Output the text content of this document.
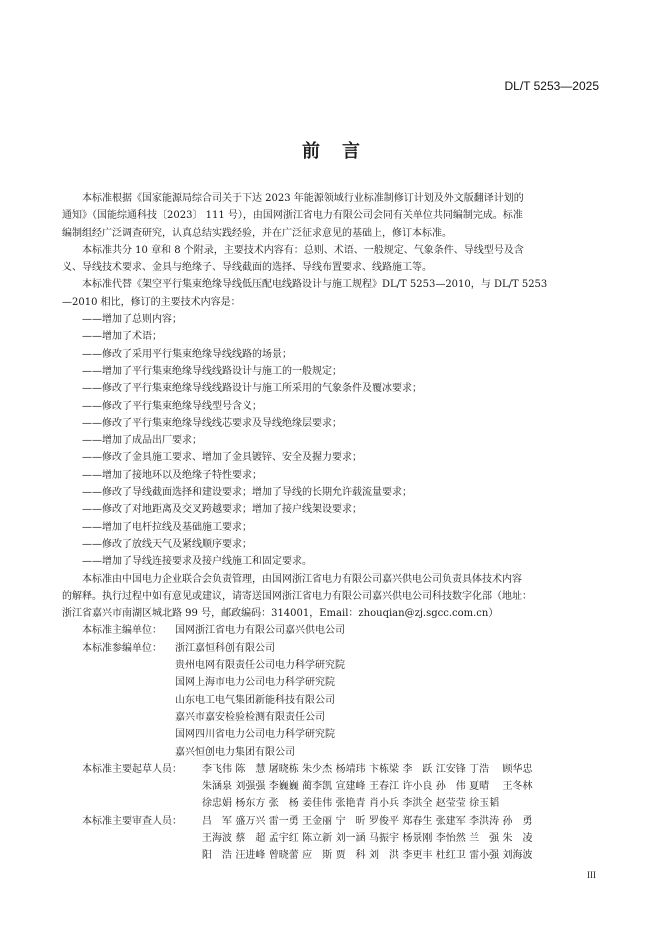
DL/T 5253—2025
前言

本标准根据《国家能源局综合司关于下达 2023 年能源领域行业标准制修订计划及外文版翻译计划的
通知》（国能综通科技〔2023〕 111 号），由国网浙江省电力有限公司会同有关单位共同编制完成。标准
编制组经广泛调查研究，认真总结实践经验，并在广泛征求意见的基础上，修订本标准。

本标准共分 10 章和 8 个附录，主要技术内容有：总则、术语、一般规定、气象条件、导线型号及含
义、导线技术要求、金具与绝缘子、导线截面的选择、导线布置要求、线路施工等。

本标准代替《架空平行集束绝缘导线低压配电线路设计与施工规程》DL/T 5253—2010，与 DL/T 5253
—2010 相比，修订的主要技术内容是：

——增加了总则内容；
——增加了术语；
——修改了采用平行集束绝缘导线线路的场景；
——增加了平行集束绝缘导线线路设计与施工的一般规定；
——修改了平行集束绝缘导线线路设计与施工所采用的气象条件及覆冰要求；
——修改了平行集束绝缘导线型号含义；
——修改了平行集束绝缘导线线芯要求及导线绝缘层要求；
——增加了成品出厂要求；
——修改了金具施工要求、增加了金具镀锌、安全及握力要求；
——增加了接地环以及绝缘子特性要求；
——修改了导线截面选择和建设要求；增加了导线的长期允许载流量要求；
——修改了对地距离及交叉跨越要求；增加了接户线架设要求；
——增加了电杆拉线及基础施工要求；
——修改了放线天气及紧线顺序要求；
——增加了导线连接要求及接户线施工和固定要求。

本标准由中国电力企业联合会负责管理，由国网浙江省电力有限公司嘉兴供电公司负责具体技术内容
的解释。执行过程中如有意见或建议，请寄送国网浙江省电力有限公司嘉兴供电公司科技数字化部（地址：
浙江省嘉兴市南湖区城北路 99 号，邮政编码：314001，Email：zhouqian@zj.sgcc.com.cn）

本标准主编单位：	国网浙江省电力有限公司嘉兴供电公司
本标准参编单位：	浙江嘉恒科创有限公司
贵州电网有限责任公司电力科学研究院
国网上海市电力公司电力科学研究院
山东电工电气集团新能科技有限公司
嘉兴市嘉安检验检测有限责任公司
国网四川省电力公司电力科学研究院
嘉兴恒创电力集团有限公司
本标准主要起草人员：	李飞伟 陈　慧 屠晓栋 朱少杰 杨靖玮 卞栋梁 李　跃 江安锋 丁浩	顾华忠
朱涵泉 刘强强 李巍巍 蔺李凯 宣建峰 王春江 许小良 孙　伟 夏晴	王冬林
徐忠娟 杨东方 张　杨 姜佳伟 张艳青 肖小兵 李洪全 赵莹莹 徐玉韬
本标准主要审查人员：	吕　军 盛万兴 雷一勇 王金丽 宁　昕 罗俊平 郑春生 张建军 李洪涛 孙　勇
王海波 蔡　超 孟宇红 陈立新 刘一涵 马振宇 杨景刚 李怡然 兰　强 朱　凌
阳　浩 汪进峰 曾晓蕾 应　斯 贾　科 刘　洪 李更丰 杜红卫 雷小强 刘海波
III
